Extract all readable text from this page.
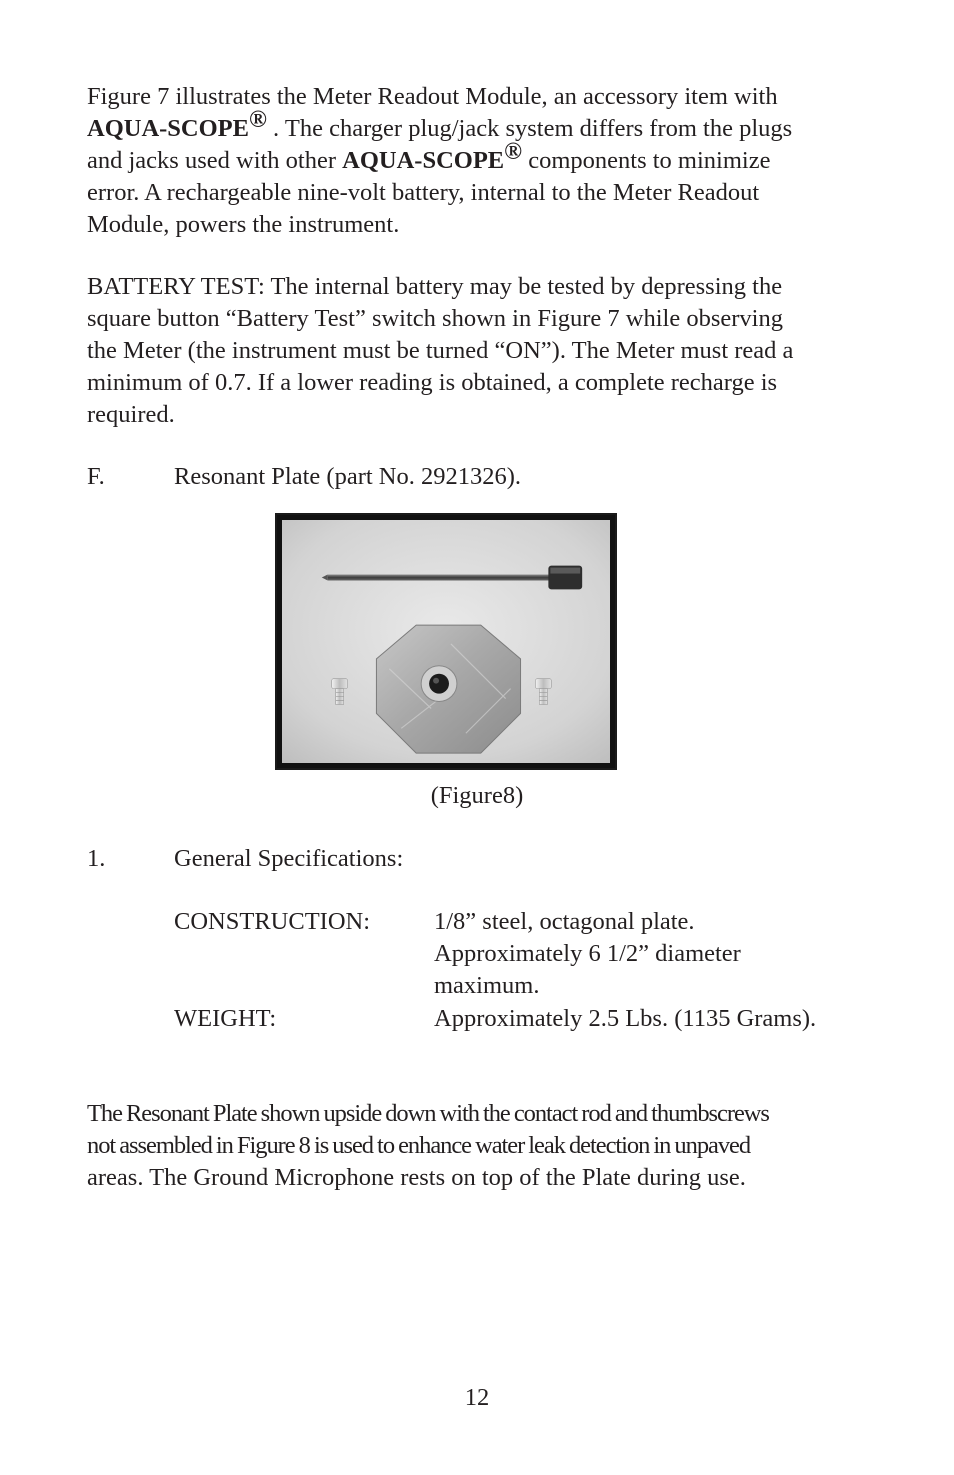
Figure 7 illustrates the Meter Readout Module, an accessory item with
AQUA-SCOPE® . The charger plug/jack system differs from the plugs
and jacks used with other AQUA-SCOPE® components to minimize
error. A rechargeable nine-volt battery, internal to the Meter Readout
Module, powers the instrument.

BATTERY TEST: The internal battery may be tested by depressing the
square button “Battery Test” switch shown in Figure 7 while observing
the Meter (the instrument must be turned “ON”). The Meter must read a
minimum of 0.7. If a lower reading is obtained, a complete recharge is
required.

F.	Resonant Plate (part No. 2921326).
(Figure8)
1.	General Specifications:
CONSTRUCTION:	1/8” steel, octagonal plate.
Approximately 6 1/2” diameter
maximum.
WEIGHT:	Approximately 2.5 Lbs. (1135 Grams).

The Resonant Plate shown upside down with the contact rod and thumbscrews
not assembled in Figure 8 is used to enhance water leak detection in unpaved
areas. The Ground Microphone rests on top of the Plate during use.

12
